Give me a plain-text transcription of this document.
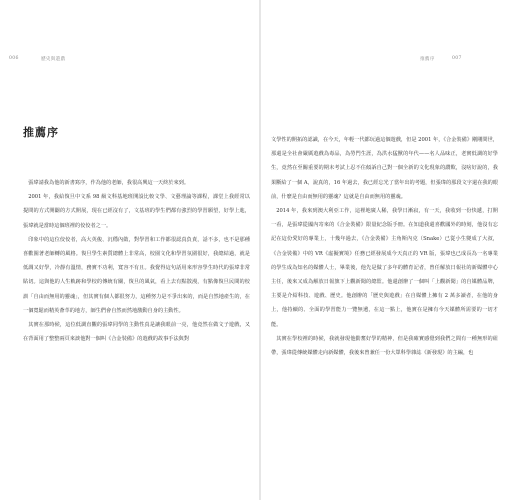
006	歷史與遊戲
推薦序

張瑋請我為他的新書寫序，作為他的老師，我很高興這一天終於來到。

2001 年，我給復旦中文系 98 級文科基地班開設比較文學、文藝理論等課程，課堂上我經常以提問的方式開闢的方式開展，現在已經沒有了，文基班的學生們都有強烈的學習願望，好學上進，張瑋就是當時這個班裡的佼佼者之一。

印象中的這位佼佼者，高大英俊、沉穩內斂，對學習和工作都很認真負責，話不多，也不是那種喜歡圍著老師轉的風格。復旦學生素質總體上非常高，校園文化和學習氛圍很好，我總結過，就是低調又好學，冷靜有溫情，務實不功利，寬容不有且。我覺得這句話用來形容學生時代的張瑋非常貼切。這與他的人生軌跡和學校的傳統有關，復旦的風氣，看上去有點散漫，有點像復旦民間的校訓「自由而無用的靈魂」，但其實有個人都很努力，這種努力是不爭出來的，而是自然地產生的，在一個寬鬆而精英薈萃的地方，師生們會自然而然地激動自身的主動性。

其實在那時候，這位低調直觀的張瑋同學的主動性真是讓我眼前一亮，他竟然在做文子遊戲，又在背面用了整整兩頁來談他對一個叫《合金裝備》的遊戲的故事手法與對

推薦序	007

文學性的開拓的認識，在今天，年輕一代都玩過這個遊戲，但是 2001 年，《合金裝備》剛剛問世，那還是全社會嚴厲遊戲為毒品，為勞門生涯，為洪水猛獸的年代——名人品味正，老實低調的好學生，竟然在至關重要的期末考試上忍不住傾訴自己對一個全新的文化現象的讚歎，沒啥好說的，我果斷給了一個 A，說真的，16 年過去，我已經忘光了當年出的考題，但張瑋的那段文字還在我的眼前，什麼是自由而無用的靈魂？這就是自由而無用的靈魂。

2014 年，我來到澳大利亞工作，這裡地廣人稀，我學日漸寂，有一天，我收到一份快遞，打開一看，是張瑋從國內寄來的《合金裝備》限量紀念版手冊。在知道我還喜歡國外的時刻，他沒有忘記在這份愛好的專業上，十幾年過去，《合金裝備》主角斯內克（Snake）已從小生變成了大叔，《合金裝備》中的 VR《虛擬實境》任務已經發展成今天真正的 VR 版，張瑋也已成長為一名專業的學生成為知名的媒體人士，畢業後，他先是做了多年的體育記者，曾任解放日報社的新媒體中心主任，後來又成為解放日報旗下上觀新聞的總監。他還創辦了一個叫「上觀新聞」的自媒體品牌，主要是介紹科技、遊戲、歷史。他創辦的「歷史與遊戲」在自媒體上擁有 2 萬多讀者，在他的身上，他持續的、全面的學習能力一覽無遺，在這一點上，他實在是擁有今天媒體所需要的一切才能。

其實在學校裡的時候，我就發現他勤奮好學的精神，但是我確實感覺到我們之間有一種無形的紐帶，張瑋從傳統媒體走向新媒體，我後來曾兼任一份大眾科學雜誌《新發現》的主編，也
